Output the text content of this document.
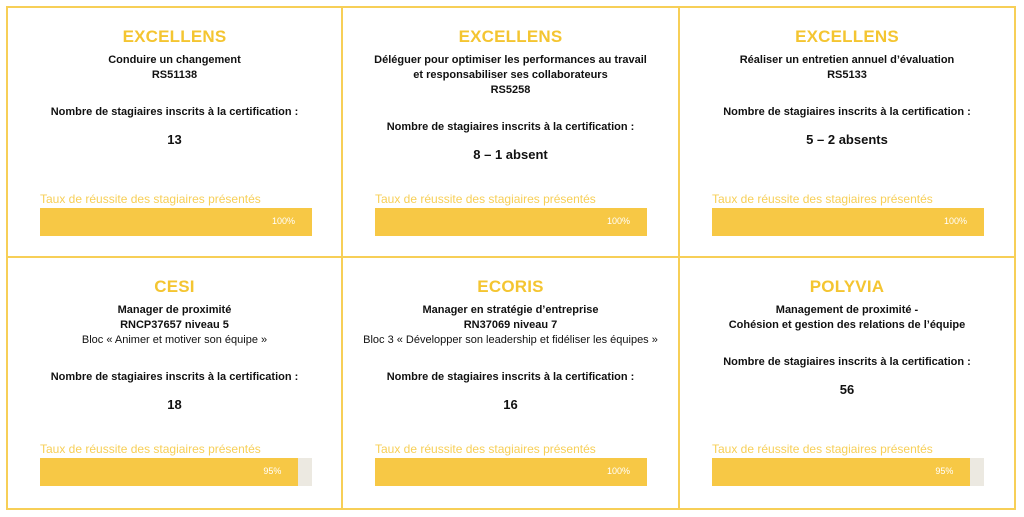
EXCELLENS
Conduire un changement
RS51138
Nombre de stagiaires inscrits à la certification :
13
Taux de réussite des stagiaires présentés
100%
EXCELLENS
Déléguer pour optimiser les performances au travail
et responsabiliser ses collaborateurs
RS5258
Nombre de stagiaires inscrits à la certification :
8 – 1 absent
Taux de réussite des stagiaires présentés
100%
EXCELLENS
Réaliser un entretien annuel d’évaluation
RS5133
Nombre de stagiaires inscrits à la certification :
5 – 2 absents
Taux de réussite des stagiaires présentés
100%
CESI
Manager de proximité
RNCP37657 niveau 5
Bloc « Animer et motiver son équipe »
Nombre de stagiaires inscrits à la certification :
18
Taux de réussite des stagiaires présentés
95%
ECORIS
Manager en stratégie d’entreprise
RN37069 niveau 7
Bloc 3 « Développer son leadership et fidéliser les équipes »
Nombre de stagiaires inscrits à la certification :
16
Taux de réussite des stagiaires présentés
100%
POLYVIA
Management de proximité -
Cohésion et gestion des relations de l’équipe
Nombre de stagiaires inscrits à la certification :
56
Taux de réussite des stagiaires présentés
95%
